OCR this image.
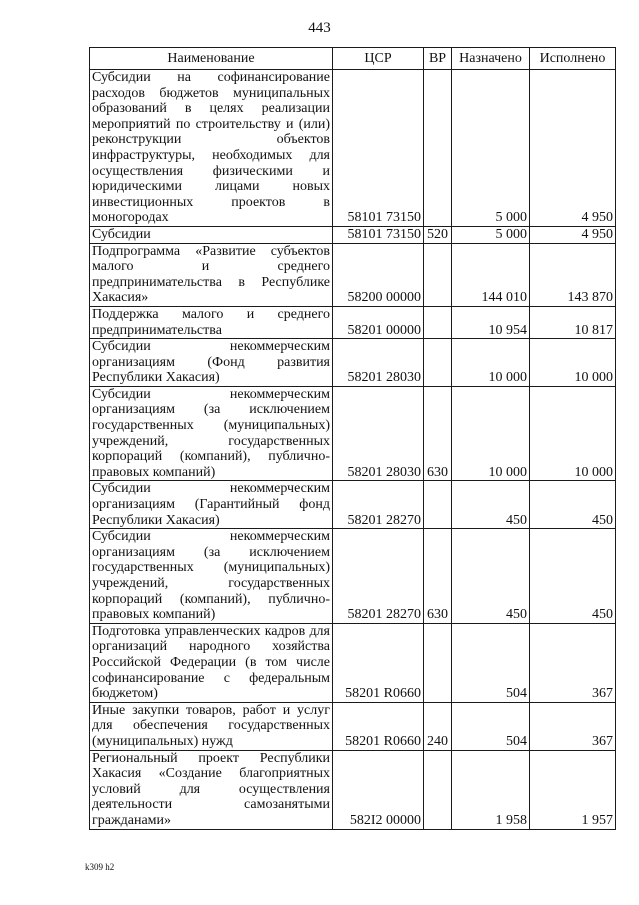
443
Наименование	ЦСР	ВР	Назначено	Исполнено
Субсидии на софинансирование расходов бюджетов муниципальных образований в целях реализации мероприятий по строительству и (или) реконструкции объектов инфраструктуры, необходимых для осуществления физическими и юридическими лицами новых инвестиционных проектов в моногородах	58101 73150		5 000	4 950
Субсидии	58101 73150	520	5 000	4 950
Подпрограмма «Развитие субъектов малого и среднего предпринимательства в Республике Хакасия»	58200 00000		144 010	143 870
Поддержка малого и среднего предпринимательства	58201 00000		10 954	10 817
Субсидии некоммерческим организациям (Фонд развития Республики Хакасия)	58201 28030		10 000	10 000
Субсидии некоммерческим организациям (за исключением государственных (муниципальных) учреждений, государственных корпораций (компаний), публично-правовых компаний)	58201 28030	630	10 000	10 000
Субсидии некоммерческим организациям (Гарантийный фонд Республики Хакасия)	58201 28270		450	450
Субсидии некоммерческим организациям (за исключением государственных (муниципальных) учреждений, государственных корпораций (компаний), публично-правовых компаний)	58201 28270	630	450	450
Подготовка управленческих кадров для организаций народного хозяйства Российской Федерации (в том числе софинансирование с федеральным бюджетом)	58201 R0660		504	367
Иные закупки товаров, работ и услуг для обеспечения государственных (муниципальных) нужд	58201 R0660	240	504	367
Региональный проект Республики Хакасия «Создание благоприятных условий для осуществления деятельности самозанятыми гражданами»	582I2 00000		1 958	1 957
k309 h2
